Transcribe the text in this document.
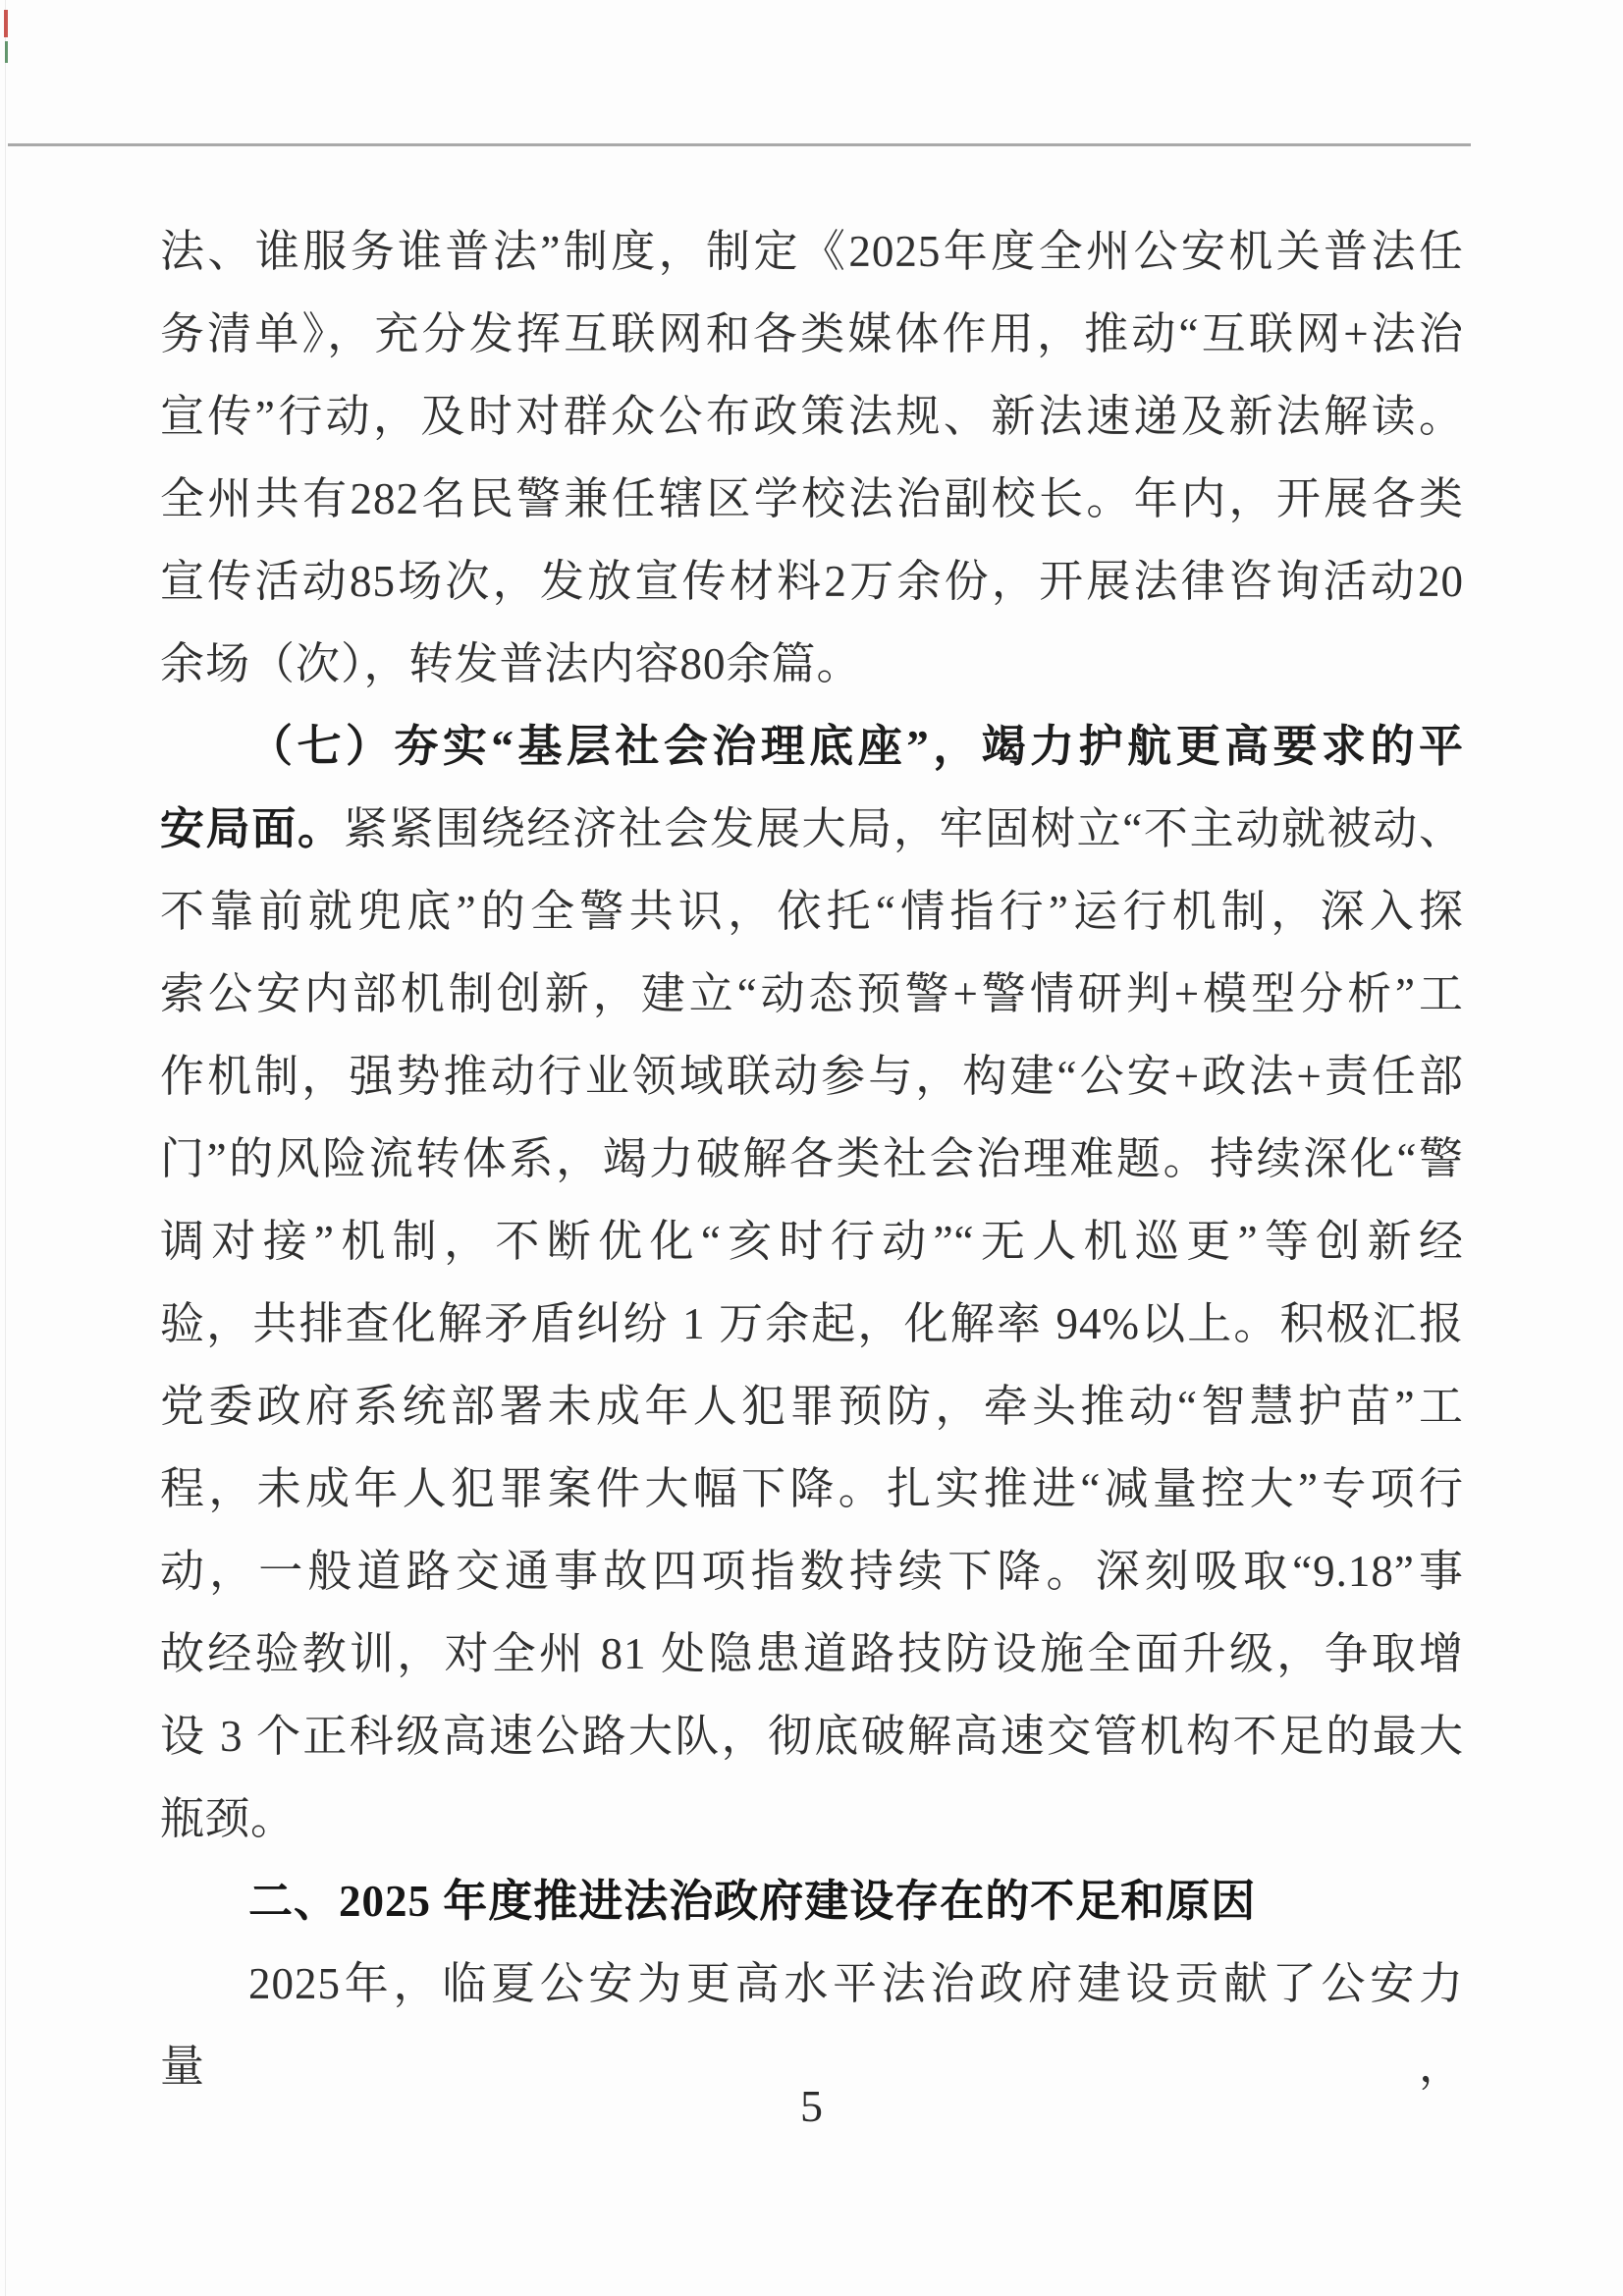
法、谁服务谁普法”制度，制定《2025年度全州公安机关普法任
务清单》，充分发挥互联网和各类媒体作用，推动“互联网+法治
宣传”行动，及时对群众公布政策法规、新法速递及新法解读。
全州共有282名民警兼任辖区学校法治副校长。年内，开展各类
宣传活动85场次，发放宣传材料2万余份，开展法律咨询活动20
余场（次），转发普法内容80余篇。
（七）夯实“基层社会治理底座”，竭力护航更高要求的平
安局面。紧紧围绕经济社会发展大局，牢固树立“不主动就被动、
不靠前就兜底”的全警共识，依托“情指行”运行机制，深入探
索公安内部机制创新，建立“动态预警+警情研判+模型分析”工
作机制，强势推动行业领域联动参与，构建“公安+政法+责任部
门”的风险流转体系，竭力破解各类社会治理难题。持续深化“警
调对接”机制，不断优化“亥时行动”“无人机巡更”等创新经
验，共排查化解矛盾纠纷 1 万余起，化解率 94%以上。积极汇报
党委政府系统部署未成年人犯罪预防，牵头推动“智慧护苗”工
程，未成年人犯罪案件大幅下降。扎实推进“减量控大”专项行
动，一般道路交通事故四项指数持续下降。深刻吸取“9.18”事
故经验教训，对全州 81 处隐患道路技防设施全面升级，争取增
设 3 个正科级高速公路大队，彻底破解高速交管机构不足的最大
瓶颈。
二、2025 年度推进法治政府建设存在的不足和原因
2025年，临夏公安为更高水平法治政府建设贡献了公安力量，
5
